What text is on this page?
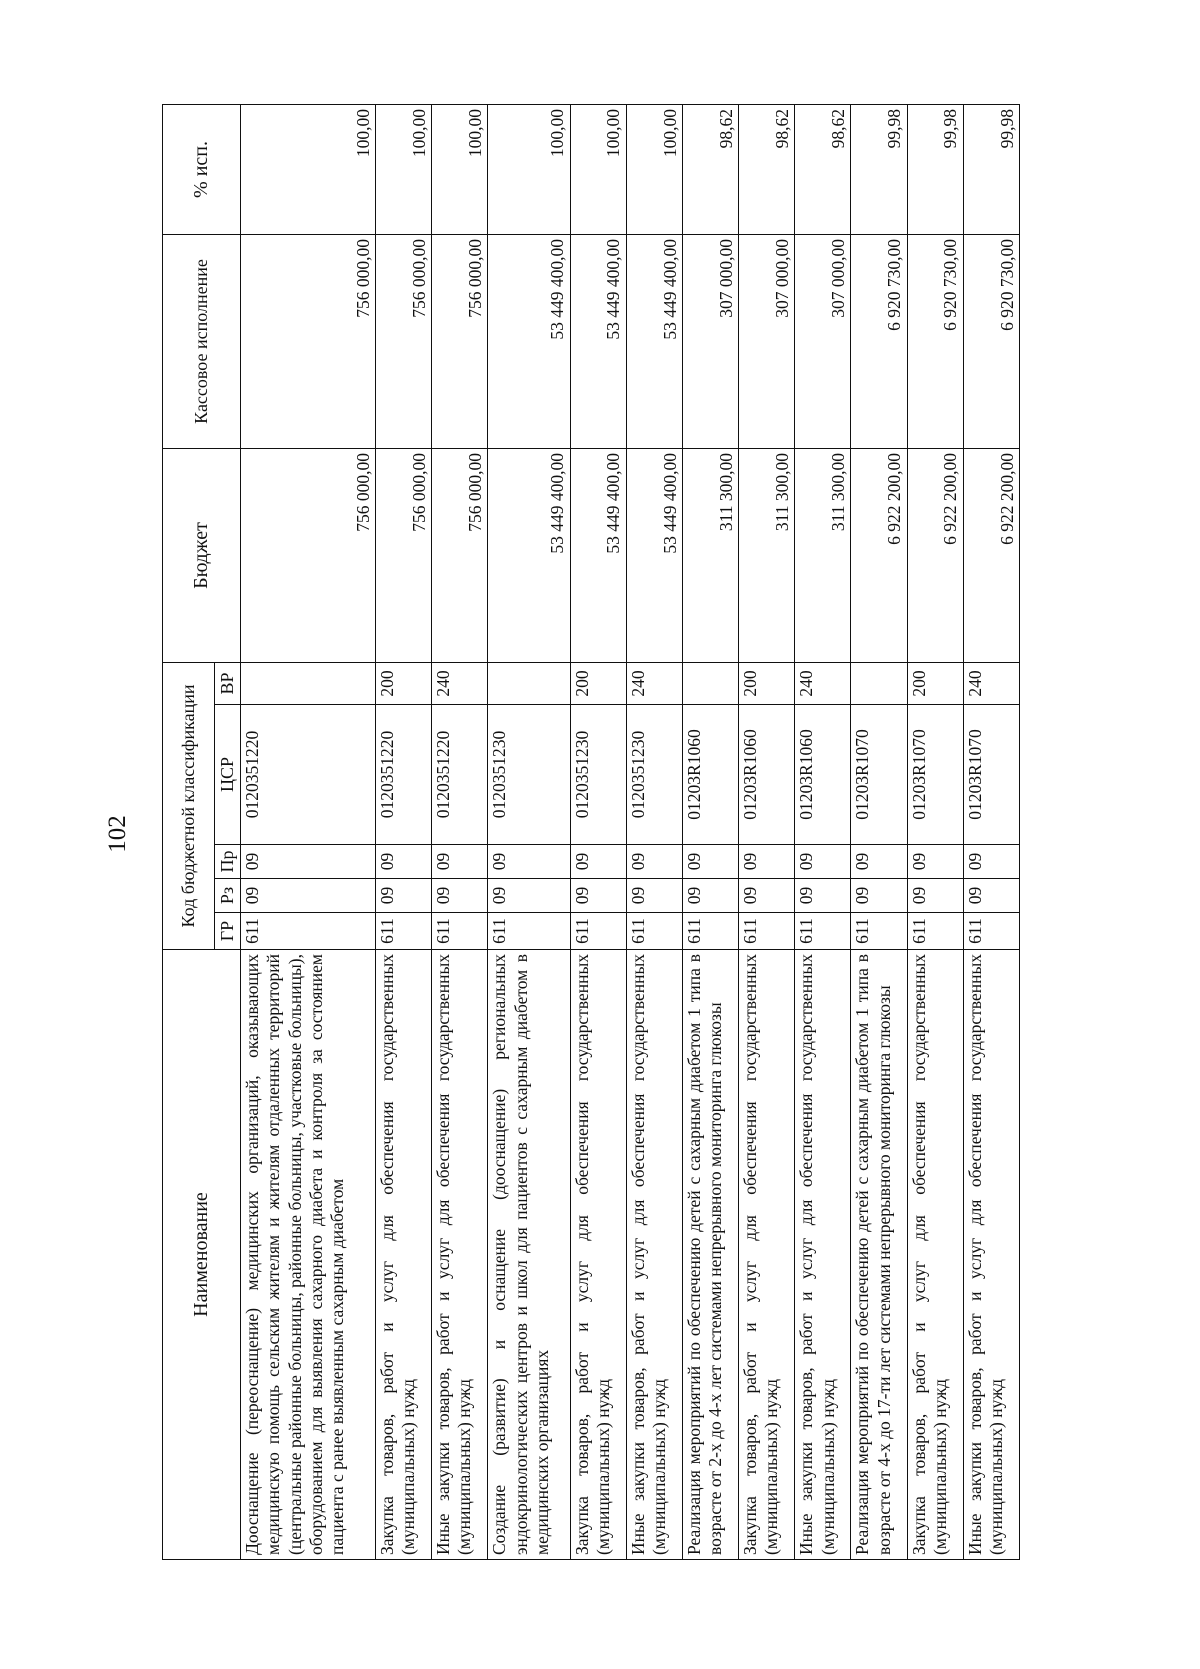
102
Наименование	Код бюджетной классификации					Бюджет	Кассовое исполнение	% исп.
	ГР	Рз	Пр	ЦСР	ВР			
Дооснащение (переоснащение) медицинских организаций, оказывающих медицинскую помощь сельским жителям и жителям отдаленных территорий (центральные районные больницы, районные больницы, участковые больницы), оборудованием для выявления сахарного диабета и контроля за состоянием пациента с ранее выявленным сахарным диабетом	611	09	09	0120351220		756 000,00	756 000,00	100,00
Закупка товаров, работ и услуг для обеспечения государственных (муниципальных) нужд	611	09	09	0120351220	200	756 000,00	756 000,00	100,00
Иные закупки товаров, работ и услуг для обеспечения государственных (муниципальных) нужд	611	09	09	0120351220	240	756 000,00	756 000,00	100,00
Создание (развитие) и оснащение (дооснащение) региональных эндокринологических центров и школ для пациентов с сахарным диабетом в медицинских организациях	611	09	09	0120351230		53 449 400,00	53 449 400,00	100,00
Закупка товаров, работ и услуг для обеспечения государственных (муниципальных) нужд	611	09	09	0120351230	200	53 449 400,00	53 449 400,00	100,00
Иные закупки товаров, работ и услуг для обеспечения государственных (муниципальных) нужд	611	09	09	0120351230	240	53 449 400,00	53 449 400,00	100,00
Реализация мероприятий по обеспечению детей с сахарным диабетом 1 типа в возрасте от 2-х до 4-х лет системами непрерывного мониторинга глюкозы	611	09	09	01203R1060		311 300,00	307 000,00	98,62
Закупка товаров, работ и услуг для обеспечения государственных (муниципальных) нужд	611	09	09	01203R1060	200	311 300,00	307 000,00	98,62
Иные закупки товаров, работ и услуг для обеспечения государственных (муниципальных) нужд	611	09	09	01203R1060	240	311 300,00	307 000,00	98,62
Реализация мероприятий по обеспечению детей с сахарным диабетом 1 типа в возрасте от 4-х до 17-ти лет системами непрерывного мониторинга глюкозы	611	09	09	01203R1070		6 922 200,00	6 920 730,00	99,98
Закупка товаров, работ и услуг для обеспечения государственных (муниципальных) нужд	611	09	09	01203R1070	200	6 922 200,00	6 920 730,00	99,98
Иные закупки товаров, работ и услуг для обеспечения государственных (муниципальных) нужд	611	09	09	01203R1070	240	6 922 200,00	6 920 730,00	99,98
